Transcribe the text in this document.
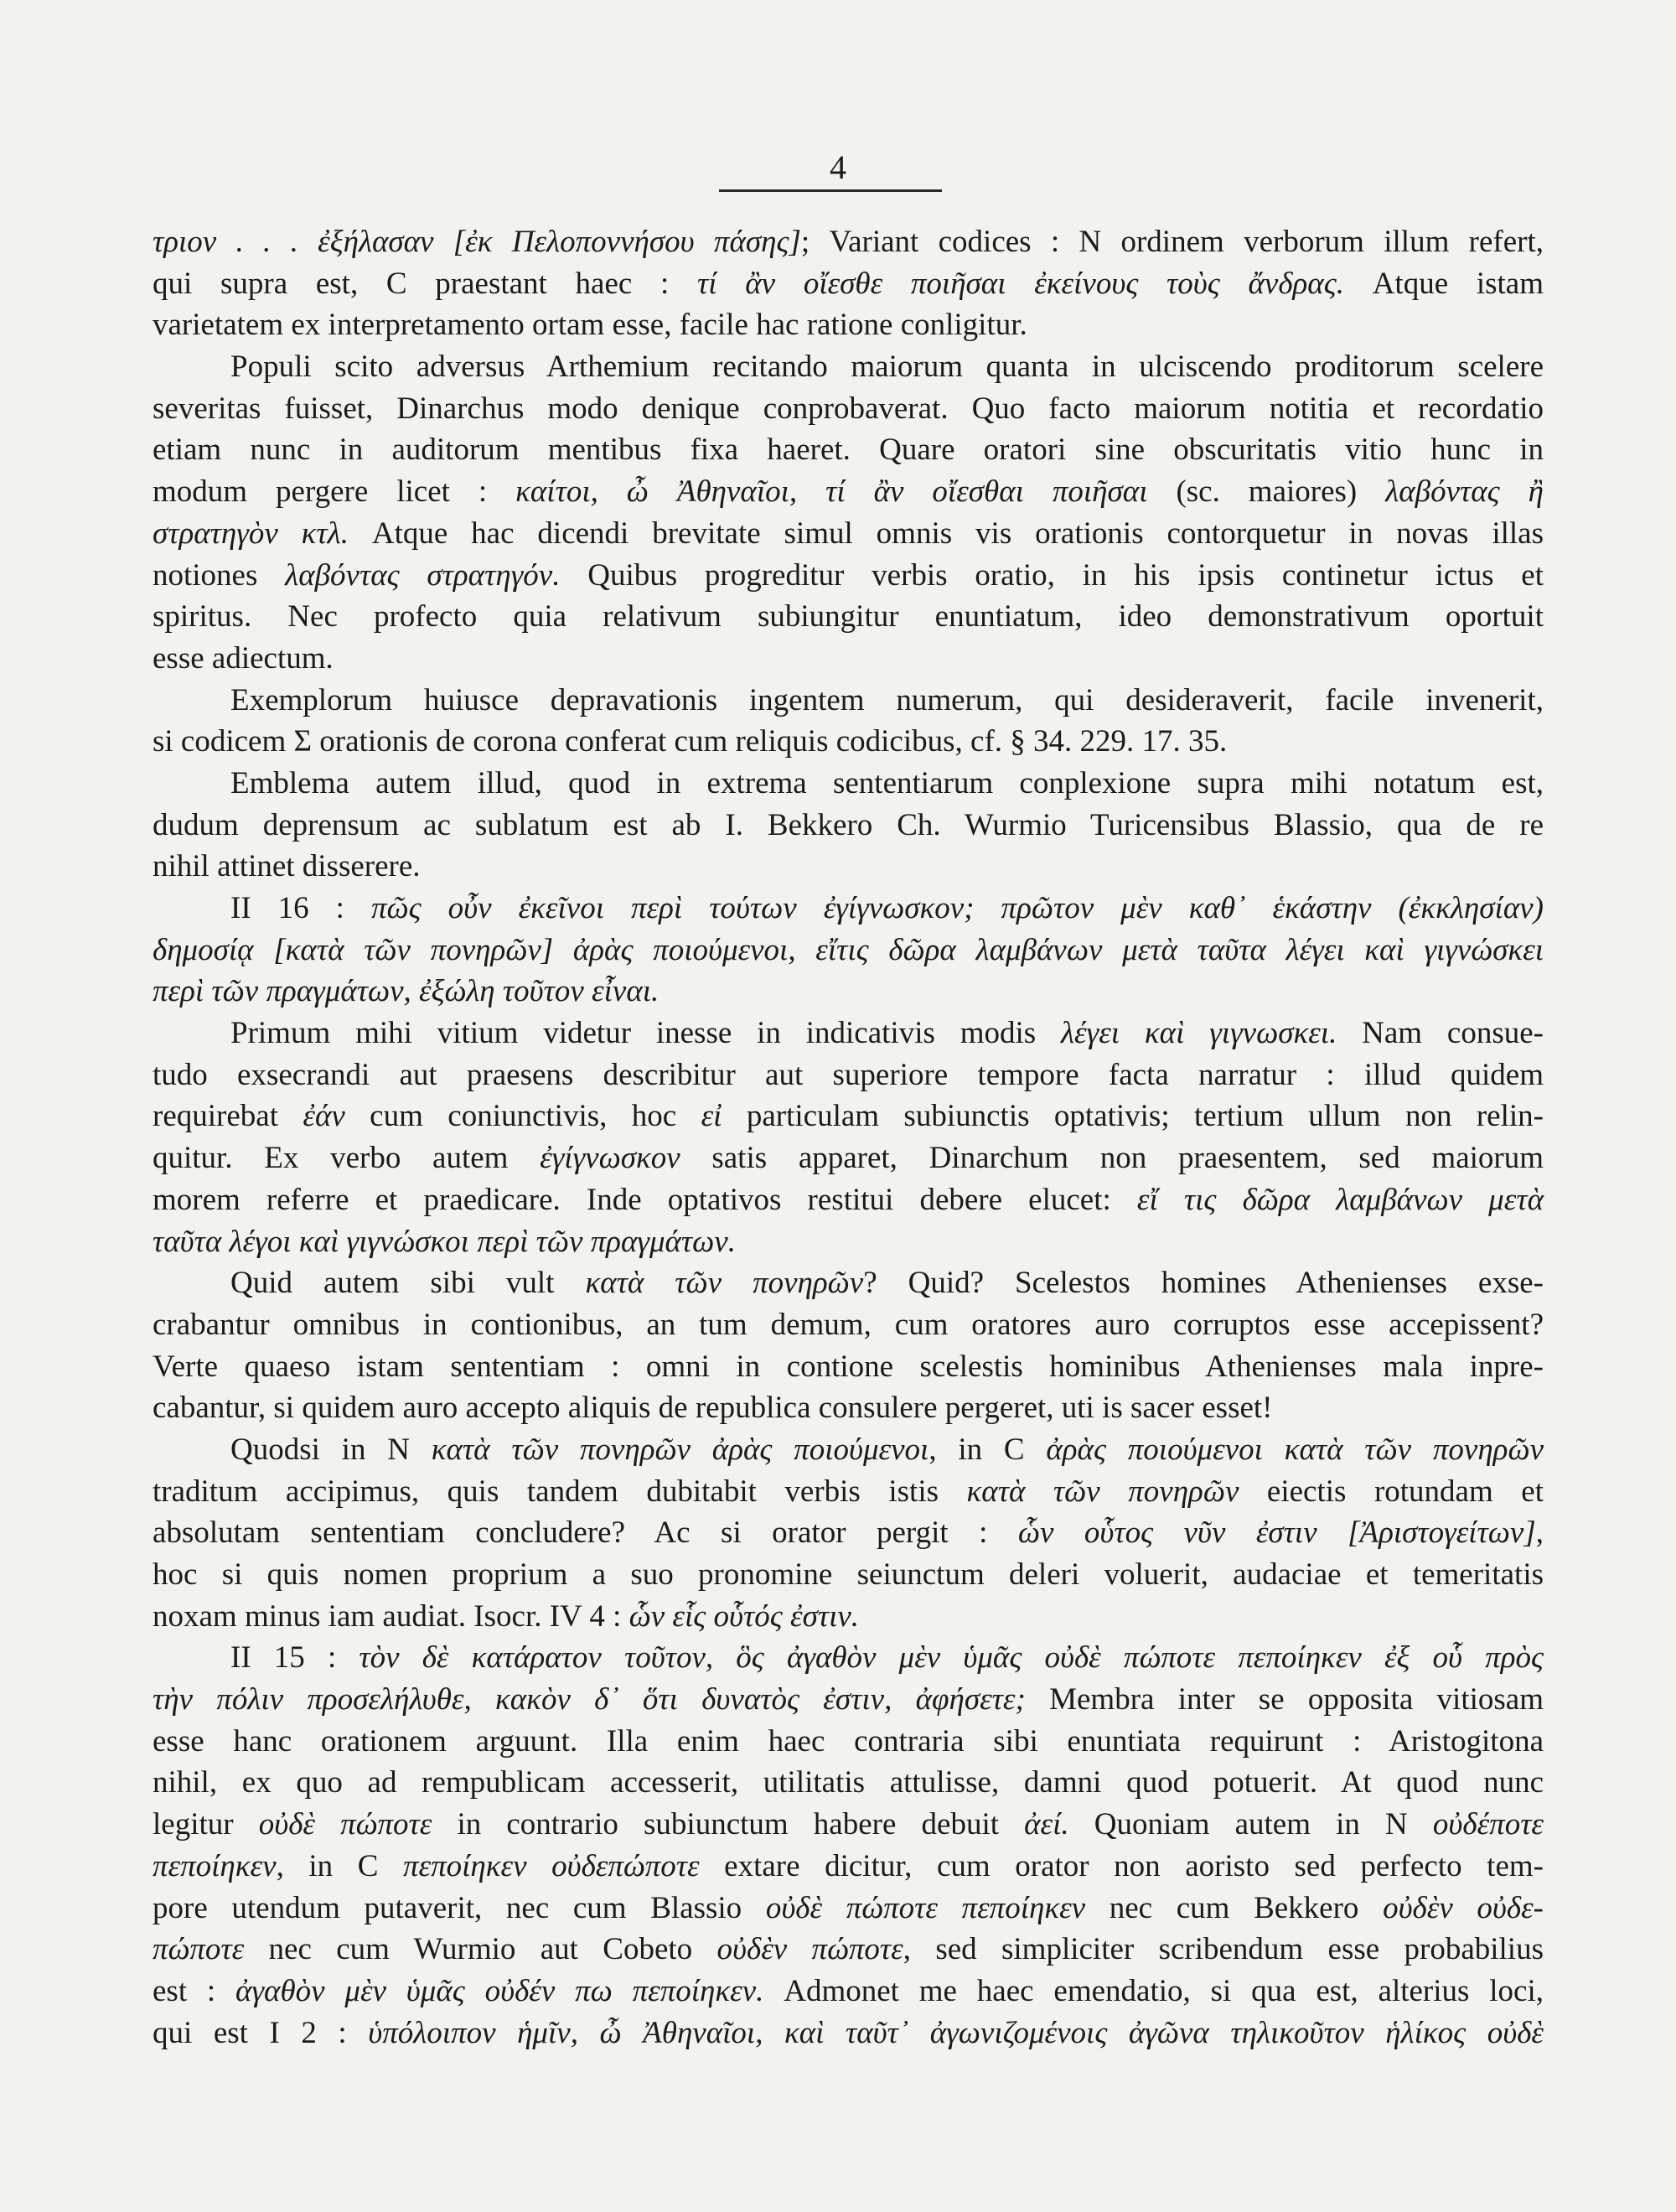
4
τριον . . . ἐξήλασαν [ἐκ Πελοποννήσου πάσης]; Variant codices : N ordinem verborum illum refert,
qui supra est, C praestant haec : τί ἂν οἴεσθε ποιῆσαι ἐκείνους τοὺς ἄνδρας. Atque istam
varietatem ex interpretamento ortam esse, facile hac ratione conligitur.
Populi scito adversus Arthemium recitando maiorum quanta in ulciscendo proditorum scelere
severitas fuisset, Dinarchus modo denique conprobaverat. Quo facto maiorum notitia et recordatio
etiam nunc in auditorum mentibus fixa haeret. Quare oratori sine obscuritatis vitio hunc in
modum pergere licet : καίτοι, ὦ Ἀθηναῖοι, τί ἂν οἴεσθαι ποιῆσαι (sc. maiores) λαβόντας ἢ
στρατηγὸν κτλ. Atque hac dicendi brevitate simul omnis vis orationis contorquetur in novas illas
notiones λαβόντας στρατηγόν. Quibus progreditur verbis oratio, in his ipsis continetur ictus et
spiritus. Nec profecto quia relativum subiungitur enuntiatum, ideo demonstrativum oportuit
esse adiectum.
Exemplorum huiusce depravationis ingentem numerum, qui desideraverit, facile invenerit,
si codicem Σ orationis de corona conferat cum reliquis codicibus, cf. § 34. 229. 17. 35.
Emblema autem illud, quod in extrema sententiarum conplexione supra mihi notatum est,
dudum deprensum ac sublatum est ab I. Bekkero Ch. Wurmio Turicensibus Blassio, qua de re
nihil attinet disserere.
II 16 : πῶς οὖν ἐκεῖνοι περὶ τούτων ἐγίγνωσκον; πρῶτον μὲν καθ᾽ ἑκάστην (ἐκκλησίαν)
δημοσίᾳ [κατὰ τῶν πονηρῶν] ἀρὰς ποιούμενοι, εἴτις δῶρα λαμβάνων μετὰ ταῦτα λέγει καὶ γιγνώσκει
περὶ τῶν πραγμάτων, ἐξώλη τοῦτον εἶναι.
Primum mihi vitium videtur inesse in indicativis modis λέγει καὶ γιγνωσκει. Nam consue-
tudo exsecrandi aut praesens describitur aut superiore tempore facta narratur : illud quidem
requirebat ἐάν cum coniunctivis, hoc εἰ particulam subiunctis optativis; tertium ullum non relin-
quitur. Ex verbo autem ἐγίγνωσκον satis apparet, Dinarchum non praesentem, sed maiorum
morem referre et praedicare. Inde optativos restitui debere elucet: εἴ τις δῶρα λαμβάνων μετὰ
ταῦτα λέγοι καὶ γιγνώσκοι περὶ τῶν πραγμάτων.
Quid autem sibi vult κατὰ τῶν πονηρῶν? Quid? Scelestos homines Athenienses exse-
crabantur omnibus in contionibus, an tum demum, cum oratores auro corruptos esse accepissent?
Verte quaeso istam sententiam : omni in contione scelestis hominibus Athenienses mala inpre-
cabantur, si quidem auro accepto aliquis de republica consulere pergeret, uti is sacer esset!
Quodsi in N κατὰ τῶν πονηρῶν ἀρὰς ποιούμενοι, in C ἀρὰς ποιούμενοι κατὰ τῶν πονηρῶν
traditum accipimus, quis tandem dubitabit verbis istis κατὰ τῶν πονηρῶν eiectis rotundam et
absolutam sententiam concludere? Ac si orator pergit : ὧν οὗτος νῦν ἐστιν [Ἀριστογείτων],
hoc si quis nomen proprium a suo pronomine seiunctum deleri voluerit, audaciae et temeritatis
noxam minus iam audiat. Isocr. IV 4 : ὧν εἷς οὗτός ἐστιν.
II 15 : τὸν δὲ κατάρατον τοῦτον, ὃς ἀγαθὸν μὲν ὑμᾶς οὐδὲ πώποτε πεποίηκεν ἐξ οὗ πρὸς
τὴν πόλιν προσελήλυθε, κακὸν δ᾽ ὅτι δυνατὸς ἐστιν, ἀφήσετε; Membra inter se opposita vitiosam
esse hanc orationem arguunt. Illa enim haec contraria sibi enuntiata requirunt : Aristogitona
nihil, ex quo ad rempublicam accesserit, utilitatis attulisse, damni quod potuerit. At quod nunc
legitur οὐδὲ πώποτε in contrario subiunctum habere debuit ἀεί. Quoniam autem in N οὐδέποτε
πεποίηκεν, in C πεποίηκεν οὐδεπώποτε extare dicitur, cum orator non aoristo sed perfecto tem-
pore utendum putaverit, nec cum Blassio οὐδὲ πώποτε πεποίηκεν nec cum Bekkero οὐδὲν οὐδε-
πώποτε nec cum Wurmio aut Cobeto οὐδὲν πώποτε, sed simpliciter scribendum esse probabilius
est : ἀγαθὸν μὲν ὑμᾶς οὐδέν πω πεποίηκεν. Admonet me haec emendatio, si qua est, alterius loci,
qui est I 2 : ὑπόλοιπον ἡμῖν, ὦ Ἀθηναῖοι, καὶ ταῦτ᾽ ἀγωνιζομένοις ἀγῶνα τηλικοῦτον ἡλίκος οὐδὲ
